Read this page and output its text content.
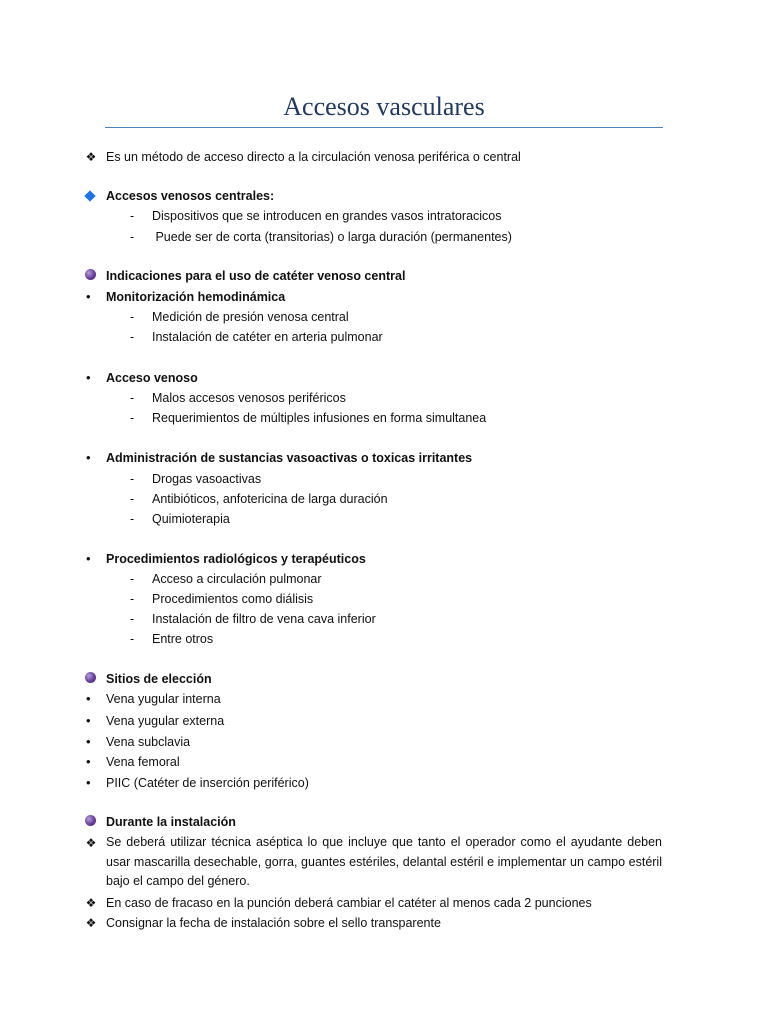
Accesos vasculares
❖ Es un método de acceso directo a la circulación venosa periférica o central
Accesos venosos centrales:
- Dispositivos que se introducen en grandes vasos intratoracicos
- Puede ser de corta (transitorias) o larga duración (permanentes)
Indicaciones para el uso de catéter venoso central
• Monitorización hemodinámica
- Medición de presión venosa central
- Instalación de catéter en arteria pulmonar
• Acceso venoso
- Malos accesos venosos periféricos
- Requerimientos de múltiples infusiones en forma simultanea
• Administración de sustancias vasoactivas o toxicas irritantes
- Drogas vasoactivas
- Antibióticos, anfotericina de larga duración
- Quimioterapia
• Procedimientos radiológicos y terapéuticos
- Acceso a circulación pulmonar
- Procedimientos como diálisis
- Instalación de filtro de vena cava inferior
- Entre otros
Sitios de elección
• Vena yugular interna
• Vena yugular externa
• Vena subclavia
• Vena femoral
• PIIC (Catéter de inserción periférico)
Durante la instalación
❖ Se deberá utilizar técnica aséptica lo que incluye que tanto el operador como el ayudante deben usar mascarilla desechable, gorra, guantes estériles, delantal estéril e implementar un campo estéril bajo el campo del género.
❖ En caso de fracaso en la punción deberá cambiar el catéter al menos cada 2 punciones
❖ Consignar la fecha de instalación sobre el sello transparente
